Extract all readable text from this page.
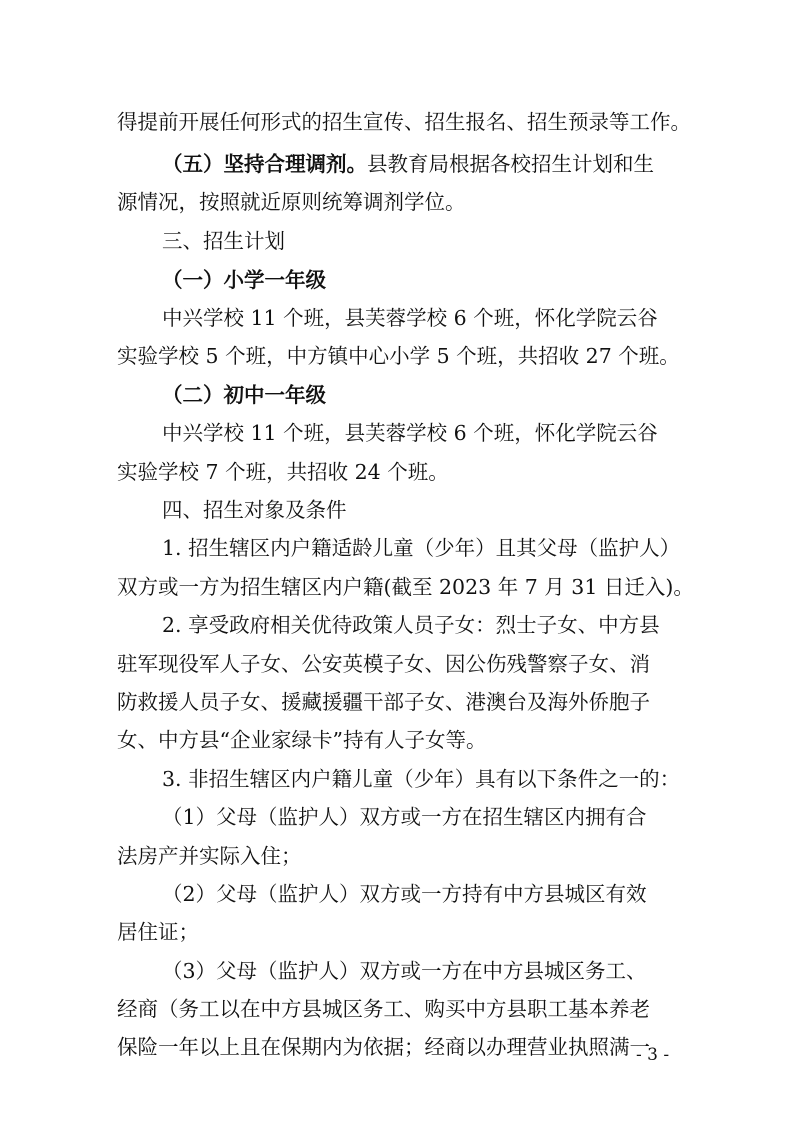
得提前开展任何形式的招生宣传、招生报名、招生预录等工作。
（五）坚持合理调剂。县教育局根据各校招生计划和生
源情况，按照就近原则统筹调剂学位。
三、招生计划
（一）小学一年级
中兴学校 11 个班，县芙蓉学校 6 个班，怀化学院云谷
实验学校 5 个班，中方镇中心小学 5 个班，共招收 27 个班。
（二）初中一年级
中兴学校 11 个班，县芙蓉学校 6 个班，怀化学院云谷
实验学校 7 个班，共招收 24 个班。
四、招生对象及条件
1. 招生辖区内户籍适龄儿童（少年）且其父母（监护人）
双方或一方为招生辖区内户籍(截至 2023 年 7 月 31 日迁入)。
2. 享受政府相关优待政策人员子女：烈士子女、中方县
驻军现役军人子女、公安英模子女、因公伤残警察子女、消
防救援人员子女、援藏援疆干部子女、港澳台及海外侨胞子
女、中方县“企业家绿卡”持有人子女等。
3. 非招生辖区内户籍儿童（少年）具有以下条件之一的：
（1）父母（监护人）双方或一方在招生辖区内拥有合
法房产并实际入住；
（2）父母（监护人）双方或一方持有中方县城区有效
居住证；
（3）父母（监护人）双方或一方在中方县城区务工、
经商（务工以在中方县城区务工、购买中方县职工基本养老
保险一年以上且在保期内为依据；经商以办理营业执照满一
- 3 -
